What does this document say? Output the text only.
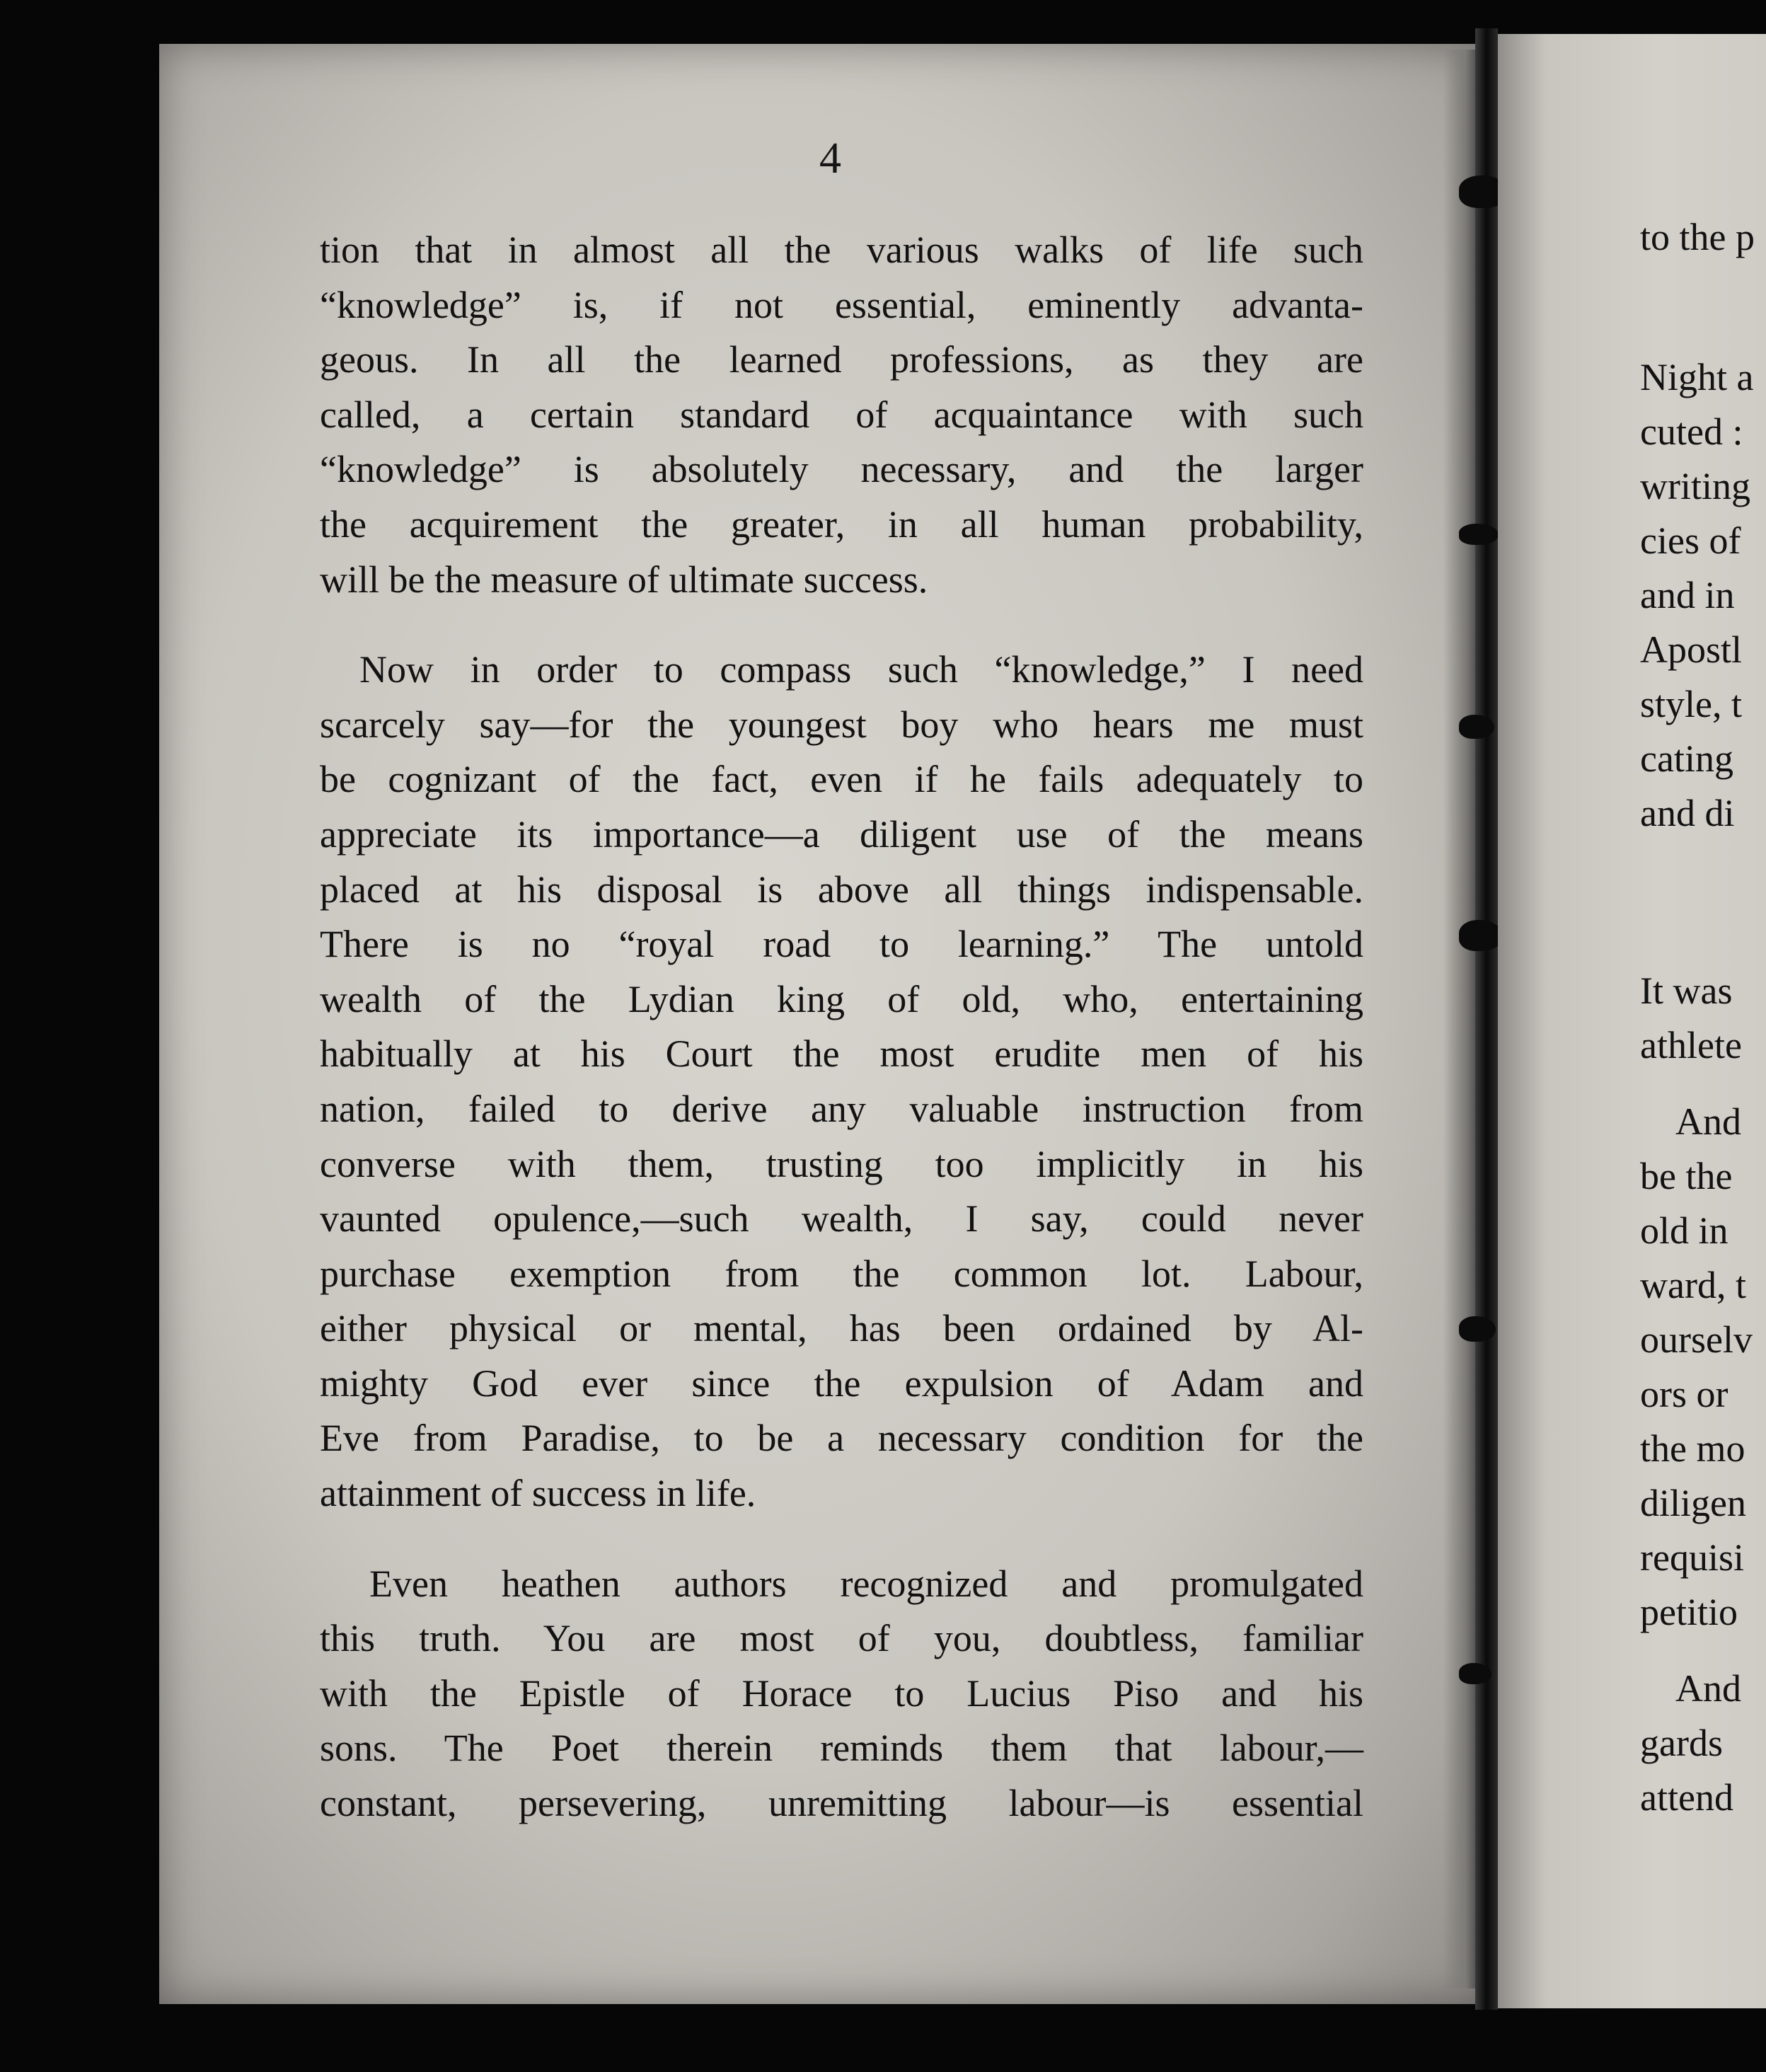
4
tion that in almost all the various walks of life such
“knowledge” is, if not essential, eminently advanta-
geous. In all the learned professions, as they are
called, a certain standard of acquaintance with such
“knowledge” is absolutely necessary, and the larger
the acquirement the greater, in all human probability,
will be the measure of ultimate success.
Now in order to compass such “knowledge,” I need
scarcely say—for the youngest boy who hears me must
be cognizant of the fact, even if he fails adequately to
appreciate its importance—a diligent use of the means
placed at his disposal is above all things indispensable.
There is no “royal road to learning.” The untold
wealth of the Lydian king of old, who, entertaining
habitually at his Court the most erudite men of his
nation, failed to derive any valuable instruction from
converse with them, trusting too implicitly in his
vaunted opulence,—such wealth, I say, could never
purchase exemption from the common lot. Labour,
either physical or mental, has been ordained by Al-
mighty God ever since the expulsion of Adam and
Eve from Paradise, to be a necessary condition for the
attainment of success in life.
Even heathen authors recognized and promulgated
this truth. You are most of you, doubtless, familiar
with the Epistle of Horace to Lucius Piso and his
sons. The Poet therein reminds them that labour,—
constant, persevering, unremitting labour—is essential
to the p
Night a
cuted :
writing
cies of
and in
Apostl
style, t
cating
and di
It was
athlete
And
be the
old in
ward, t
ourselv
ors or
the mo
diligen
requisi
petitio
And
gards
attend
